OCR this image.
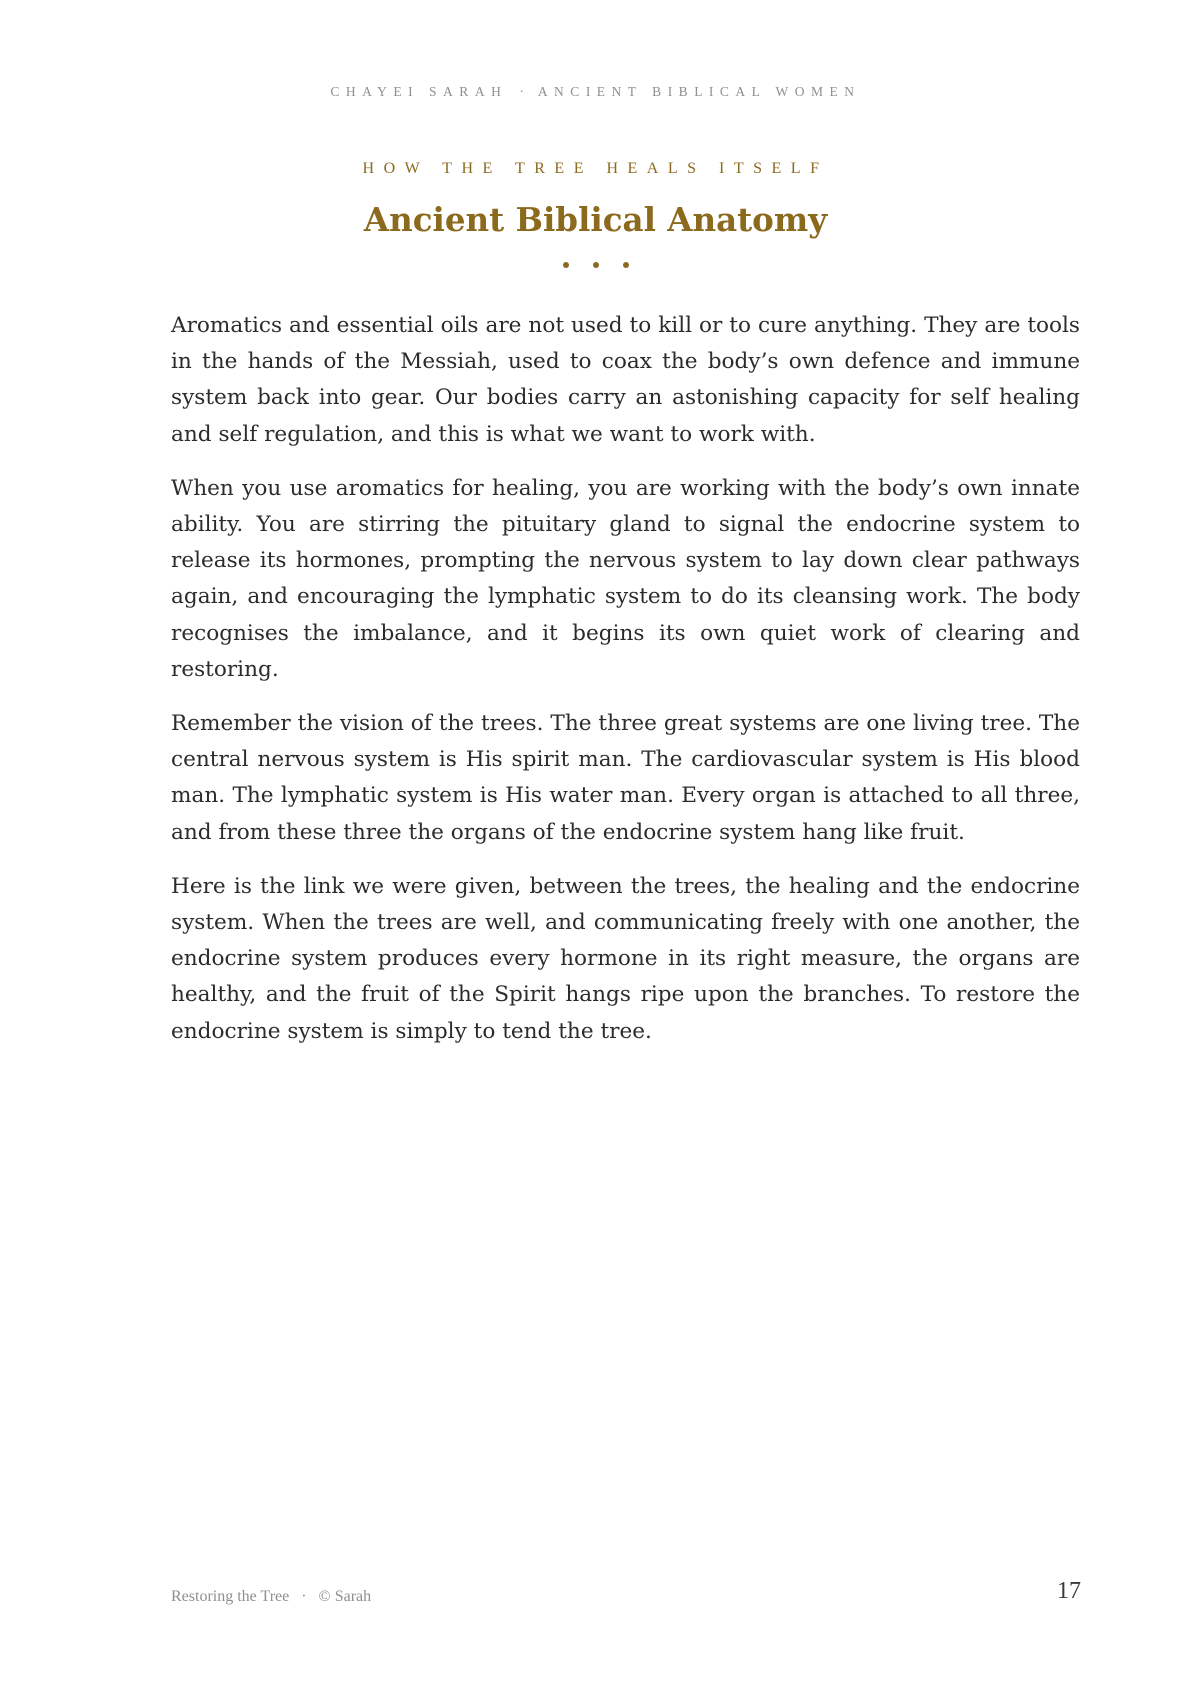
CHAYEI SARAH · ANCIENT BIBLICAL WOMEN
HOW THE TREE HEALS ITSELF
Ancient Biblical Anatomy

Aromatics and essential oils are not used to kill or to cure anything. They are tools in the hands of the Messiah, used to coax the body’s own defence and immune system back into gear. Our bodies carry an astonishing capacity for self healing and self regulation, and this is what we want to work with.

When you use aromatics for healing, you are working with the body’s own innate ability. You are stirring the pituitary gland to signal the endocrine system to release its hormones, prompting the nervous system to lay down clear pathways again, and encouraging the lymphatic system to do its cleansing work. The body recognises the imbalance, and it begins its own quiet work of clearing and restoring.

Remember the vision of the trees. The three great systems are one living tree. The central nervous system is His spirit man. The cardiovascular system is His blood man. The lymphatic system is His water man. Every organ is attached to all three, and from these three the organs of the endocrine system hang like fruit.

Here is the link we were given, between the trees, the healing and the endocrine system. When the trees are well, and communicating freely with one another, the endocrine system produces every hormone in its right measure, the organs are healthy, and the fruit of the Spirit hangs ripe upon the branches. To restore the endocrine system is simply to tend the tree.

Restoring the Tree · © Sarah	17
